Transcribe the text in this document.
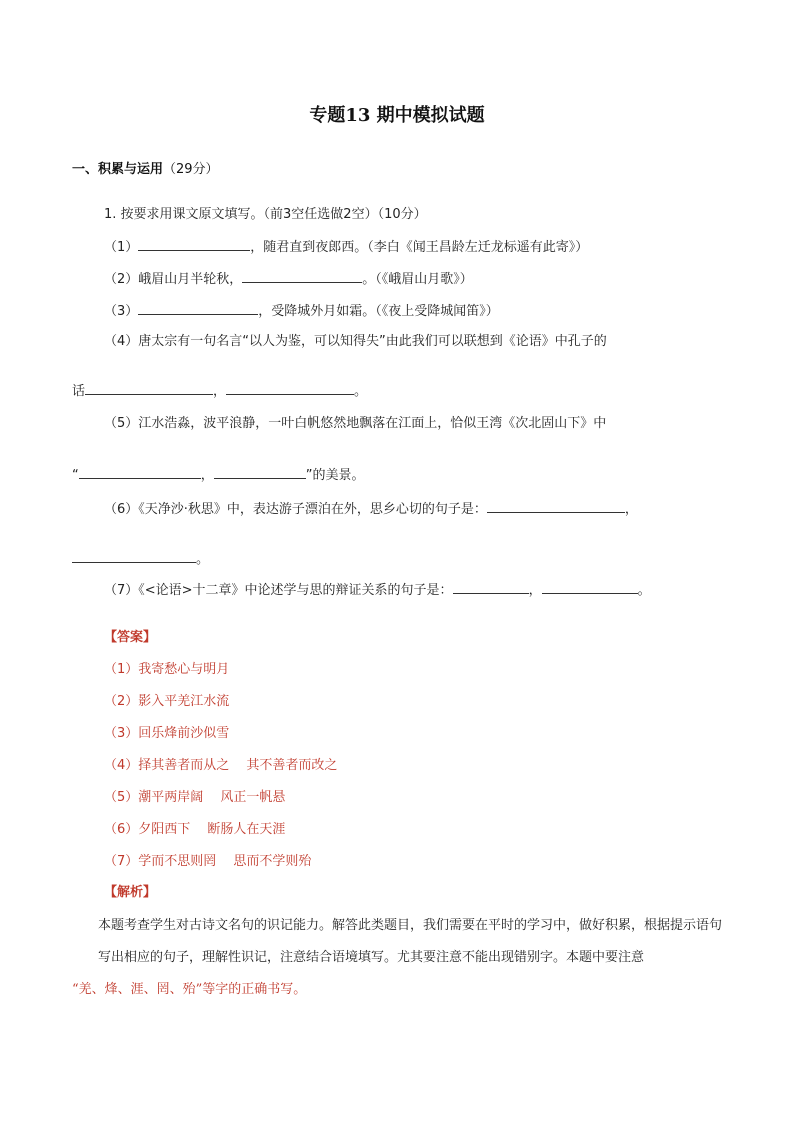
专题13 期中模拟试题
一、积累与运用（29分）
1. 按要求用课文原文填写。（前3空任选做2空）（10分）
（1）	，随君直到夜郎西。（李白《闻王昌龄左迁龙标遥有此寄》）
（2）峨眉山月半轮秋，	。（《峨眉山月歌》）
（3）	，受降城外月如霜。（《夜上受降城闻笛》）
（4）唐太宗有一句名言“以人为鉴，可以知得失”由此我们可以联想到《论语》中孔子的
话	，	。
（5）江水浩淼，波平浪静，一叶白帆悠然地飘落在江面上，恰似王湾《次北固山下》中
“	，	”的美景。
（6）《天净沙·秋思》中，表达游子漂泊在外，思乡心切的句子是：	，
。
（7）《<论语>十二章》中论述学与思的辩证关系的句子是：	，	。
【答案】
（1）我寄愁心与明月
（2）影入平羌江水流
（3）回乐烽前沙似雪
（4）择其善者而从之　 其不善者而改之
（5）潮平两岸阔　 风正一帆悬
（6）夕阳西下　 断肠人在天涯
（7）学而不思则罔　 思而不学则殆
【解析】
本题考查学生对古诗文名句的识记能力。解答此类题目，我们需要在平时的学习中，做好积累，根据提示语句写出相应的句子，理解性识记，注意结合语境填写。尤其要注意不能出现错别字。本题中要注意
“羌、烽、涯、罔、殆”等字的正确书写。
